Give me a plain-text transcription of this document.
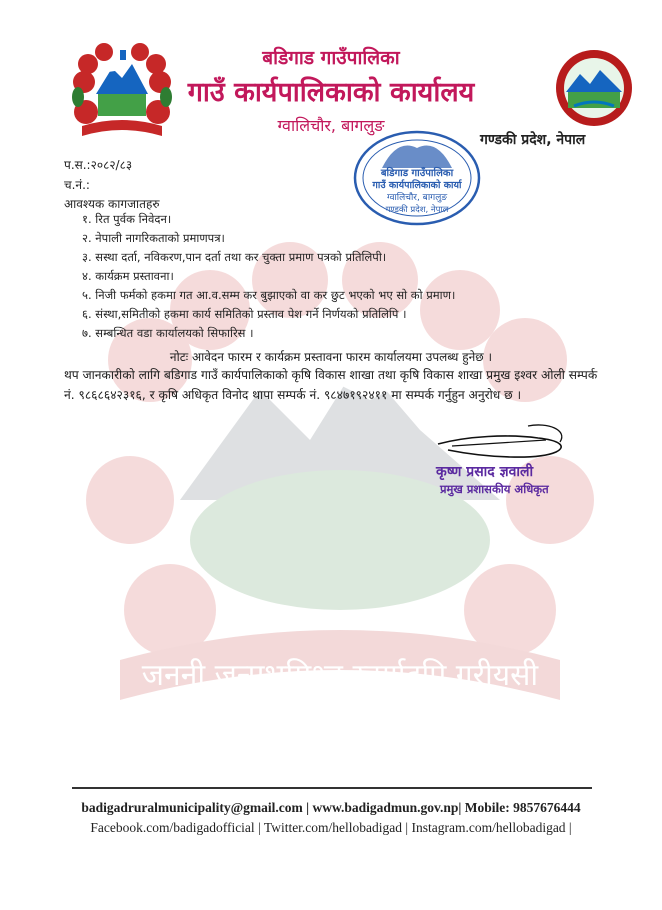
जननी जन्मभूमिश्च स्वर्गादपि गरीयसी
बडिगाड गाउँपालिका
गाउँ कार्यपालिकाको कार्यालय
ग्वालिचौर, बागलुङ
गण्डकी प्रदेश, नेपाल
बडिगाड गाउँपालिका
गाउँ कार्यपालिकाको कार्या
ग्वालिचौर, बागलुङ
गण्डकी प्रदेश, नेपाल
प.स.:२०८२/८३
च.नं.:
आवश्यक कागजातहरु
१. रित पुर्वक निवेदन।
२. नेपाली नागरिकताको प्रमाणपत्र।
३. सस्था दर्ता, नविकरण,पान दर्ता तथा कर चुक्ता प्रमाण पत्रको प्रतिलिपी।
४. कार्यक्रम प्रस्तावना।
५. निजी फर्मको हकमा गत आ.व.सम्म कर बुझाएको वा कर छुट भएको भए सो को प्रमाण।
६. संस्था,समितीको हकमा कार्य समितिको प्रस्ताव पेश गर्ने निर्णयको प्रतिलिपि ।
७. सम्बन्धित वडा कार्यालयको सिफारिस ।
नोटः आवेदन फारम र कार्यक्रम प्रस्तावना फारम कार्यालयमा उपलब्ध हुनेछ ।
थप जानकारीको लागि बडिगाड गाउँ कार्यपालिकाको कृषि विकास शाखा तथा कृषि विकास शाखा प्रमुख इश्वर ओली सम्पर्क
नं. ९८६८६४२३१६, र कृषि अधिकृत विनोद थापा सम्पर्क नं. ९८४७१९२४११ मा सम्पर्क गर्नुहुन अनुरोध छ ।
कृष्ण प्रसाद ज्ञवाली
प्रमुख प्रशासकीय अधिकृत
badigadruralmunicipality@gmail.com | www.badigadmun.gov.np| Mobile: 9857676444
Facebook.com/badigadofficial | Twitter.com/hellobadigad | Instagram.com/hellobadigad |
